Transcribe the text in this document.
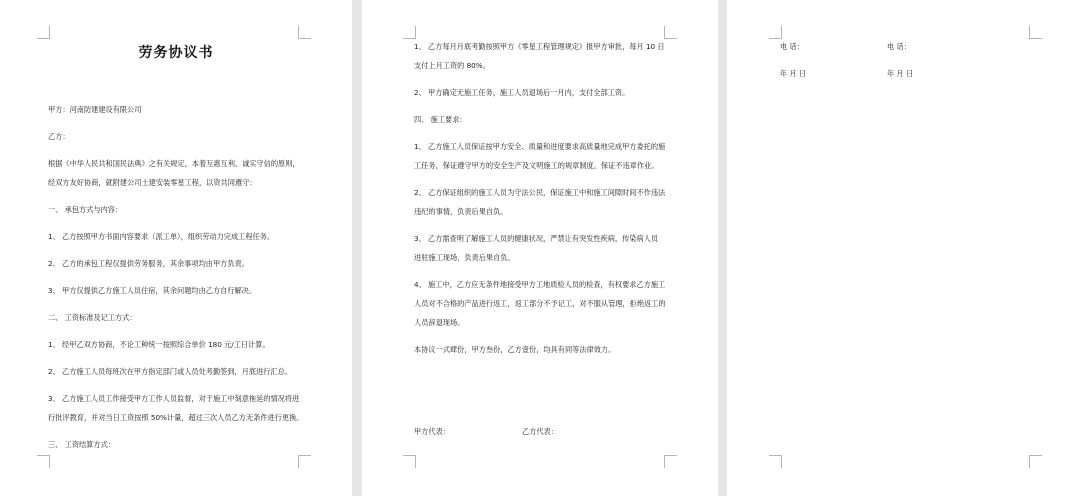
劳务协议书
甲方：河南防建建设有限公司
乙方：
根据《中华人民共和国民法典》之有关规定，本着互惠互利、诚实守信的原则，
经双方友好协商，就附建公司土建安装零星工程，以资共同遵守：
一、 承包方式与内容：
1、 乙方按照甲方书面内容要求（派工单），组织劳动力完成工程任务。
2、 乙方的承包工程仅提供劳务服务，其余事项均由甲方负责。
3、 甲方仅提供乙方施工人员住宿，其余问题均由乙方自行解决。
二、 工资标准及记工方式：
1、 经甲乙双方协商，不论工种统一按照综合单价 180 元/工日计算。
2、 乙方施工人员每班次在甲方指定部门或人员处考勤签到，月底进行汇总。
3、 乙方施工人员工作接受甲方工作人员监督，对于施工中刻意拖延的情况将进
行批评教育，并对当日工资按照 50%计量，超过三次人员乙方无条件进行更换。
三、 工资结算方式：
1、 乙方每月月底考勤按照甲方《零星工程管理规定》报甲方审批，每月 10 日
支付上月工资的 80%。
2、 甲方确定无施工任务，施工人员退场后一月内，支付全部工资。
四、 施工要求：
1、 乙方施工人员保证按甲方安全、质量和进度要求高质量地完成甲方委托的施
工任务，保证遵守甲方的安全生产及文明施工的规章制度，保证不违章作业。
2、 乙方保证组织的施工人员为守法公民，保证施工中和施工间隙时间不作违法
违纪的事情，负责后果自负。
3、 乙方需查明了解施工人员的健康状况，严禁让有突发性疾病，传染病人员
进驻施工现场，负责后果自负。
4、 施工中，乙方应无条件地接受甲方工地质检人员的检查，有权要求乙方施工
人员对不合格的产品进行返工，返工部分不予记工，对不服从管理，拒绝返工的
人员辞退现场。
本协议一式肆份，甲方叁份，乙方壹份，均具有同等法律效力。
甲方代表：	乙方代表：
电 话：	电 话：
年 月 日	年 月 日
